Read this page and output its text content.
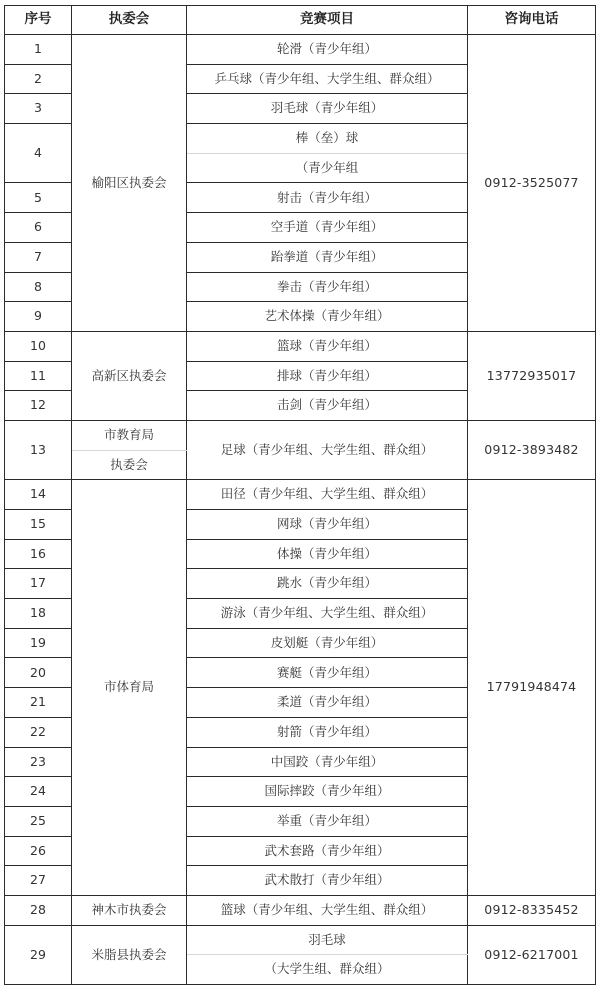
序号	执委会	竞赛项目	咨询电话
1	榆阳区执委会	轮滑（青少年组）	0912-3525077
2		乒乓球（青少年组、大学生组、群众组）	
3		羽毛球（青少年组）	
4		棒（垒）球	
		（青少年组	
5		射击（青少年组）	
6		空手道（青少年组）	
7		跆拳道（青少年组）	
8		拳击（青少年组）	
9		艺术体操（青少年组）	
10	高新区执委会	篮球（青少年组）	13772935017
11		排球（青少年组）	
12		击剑（青少年组）	
13	市教育局	足球（青少年组、大学生组、群众组）	0912-3893482
	执委会		
14	市体育局	田径（青少年组、大学生组、群众组）	17791948474
15		网球（青少年组）	
16		体操（青少年组）	
17		跳水（青少年组）	
18		游泳（青少年组、大学生组、群众组）	
19		皮划艇（青少年组）	
20		赛艇（青少年组）	
21		柔道（青少年组）	
22		射箭（青少年组）	
23		中国跤（青少年组）	
24		国际摔跤（青少年组）	
25		举重（青少年组）	
26		武术套路（青少年组）	
27		武术散打（青少年组）	
28	神木市执委会	篮球（青少年组、大学生组、群众组）	0912-8335452
29	米脂县执委会	羽毛球	0912-6217001
		（大学生组、群众组）	
